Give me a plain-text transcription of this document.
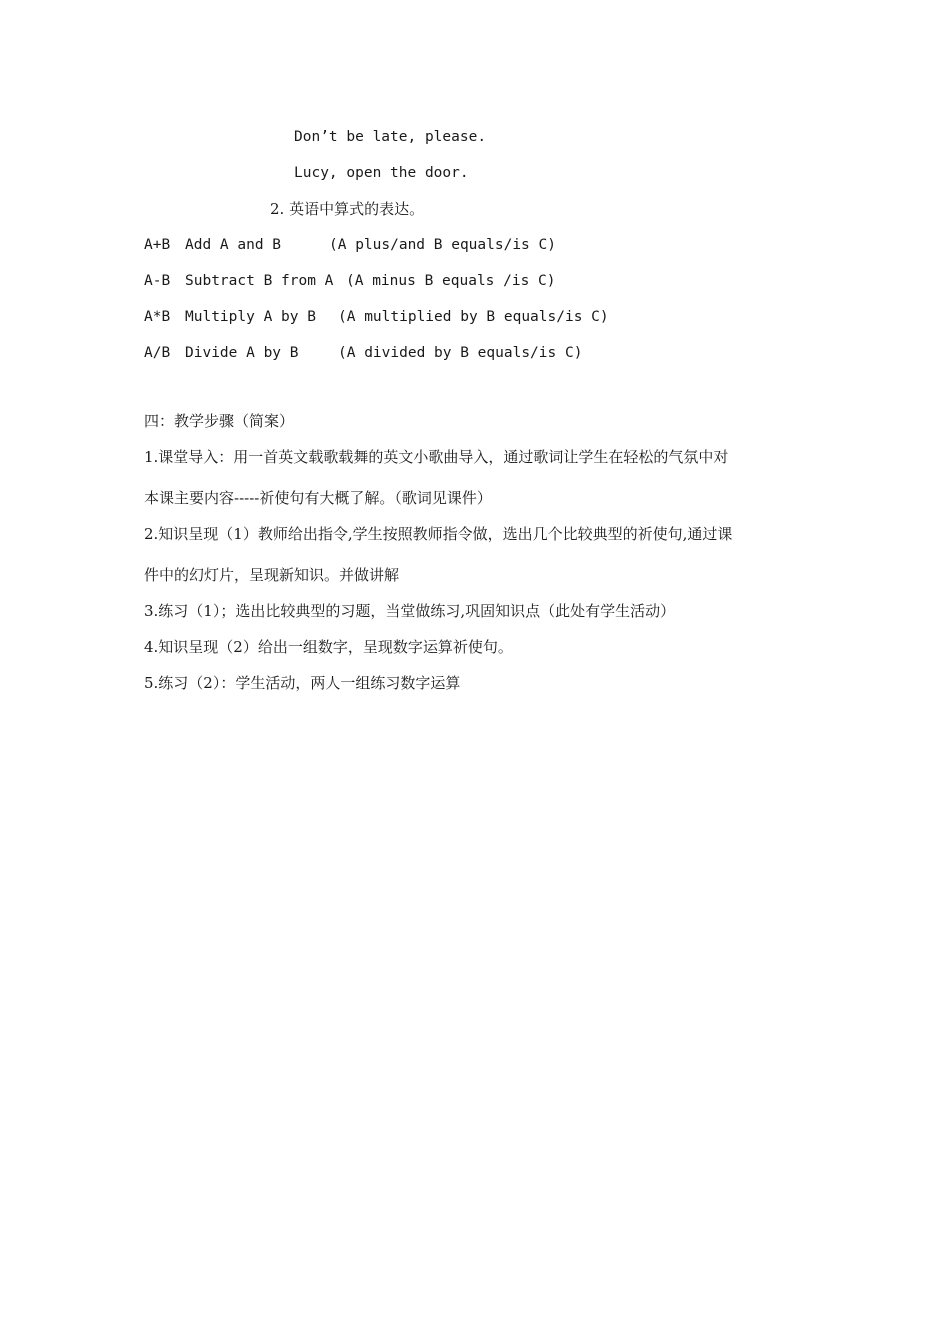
Don’t be late, please.
Lucy, open the door.
2. 英语中算式的表达。
A+B Add A and B	(A plus/and B equals/is C)
A-B Subtract B from A (A minus B equals /is C)
A*B Multiply A by B (A multiplied by B equals/is C)
A/B Divide A by B	(A divided by B equals/is C)
四：教学步骤（简案）
1.课堂导入：用一首英文载歌载舞的英文小歌曲导入，通过歌词让学生在轻松的气氛中对
本课主要内容-----祈使句有大概了解。（歌词见课件）
2.知识呈现（1）教师给出指令,学生按照教师指令做，选出几个比较典型的祈使句,通过课
件中的幻灯片，呈现新知识。并做讲解
3.练习（1）；选出比较典型的习题，当堂做练习,巩固知识点（此处有学生活动）
4.知识呈现（2）给出一组数字，呈现数字运算祈使句。
5.练习（2）：学生活动，两人一组练习数字运算
